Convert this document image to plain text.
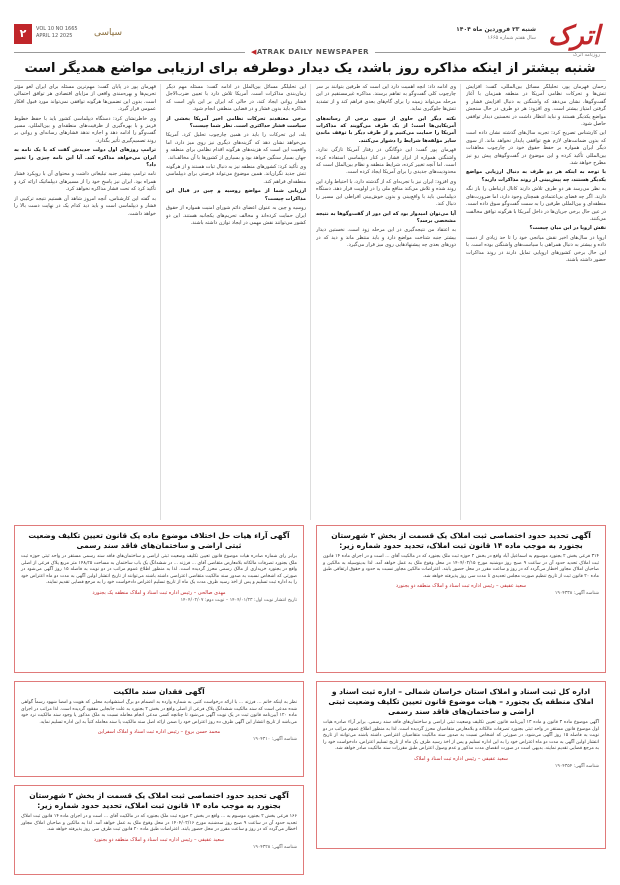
اترک
روزنامه اترک
شنبه ۲۳ فروردین ماه ۱۴۰۴
سال هفتم شماره ۱۶۶۵
۲	VOL 10 NO 1665
APRIL 12 2025	سیاسی
◀ATRAK DAILY NEWSPAPER
شنبه بیشتر از اینکه مذاکره روز باشد، یک دیدار دوطرفه برای ارزیابی مواضع همدیگر است

رحمان قهرمان پور، تحلیلگر مسائل بین‌المللی، گفت: افزایش تنش‌ها و تحرکات نظامی آمریکا در منطقه همزمان با آغاز گفت‌وگوها، نشان می‌دهد که واشنگتن به دنبال افزایش فشار و گرفتن امتیاز بیشتر است. وی افزود: هر دو طرف در حال سنجش مواضع یکدیگر هستند و نباید انتظار داشت در نخستین دیدار توافقی حاصل شود.

این کارشناس تصریح کرد: تجربه سال‌های گذشته نشان داده است که بدون ضمانت‌های لازم هیچ توافقی پایدار نخواهد ماند. از سوی دیگر ایران همواره بر حفظ حقوق خود در چارچوب معاهدات بین‌المللی تأکید کرده و این موضوع در گفت‌وگوهای پیش رو نیز مطرح خواهد شد.

با توجه به اینکه هر دو طرف به دنبال ارزیابی مواضع یکدیگر هستند، چه پیش‌بینی از روند مذاکرات دارید؟

به نظر می‌رسد هر دو طرف تلاش دارند کانال ارتباطی را باز نگه دارند. اگر چه فضای بی‌اعتمادی همچنان وجود دارد، اما ضرورت‌های منطقه‌ای و بین‌المللی طرفین را به سمت گفت‌وگو سوق داده است. در عین حال برخی جریان‌ها در داخل آمریکا با هرگونه توافق مخالفت می‌کنند.

نقش اروپا در این میان چیست؟

اروپا در سال‌های اخیر نقش میانجی خود را تا حد زیادی از دست داده و بیشتر به دنبال همراهی با سیاست‌های واشنگتن بوده است. با این حال برخی کشورهای اروپایی تمایل دارند در روند مذاکرات حضور داشته باشند.

وی ادامه داد: آنچه اهمیت دارد این است که طرفین بتوانند بر سر چارچوب کلی گفت‌وگو به تفاهم برسند. مذاکره غیرمستقیم در این مرحله می‌تواند زمینه را برای گام‌های بعدی فراهم کند و از تشدید تنش‌ها جلوگیری نماید.

نکته دیگر این حاوی از سوی برخی از رسانه‌های آمریکایی‌ها است؛ از یک طرف می‌گویند که مذاکرات آمریکا را حمایت می‌کنیم و از طرف دیگر با توقف ماندن سایر مؤلفه‌ها شرایط را دشوار می‌کنند.

قهرمان پور گفت: این دوگانگی در رفتار آمریکا تازگی ندارد. واشنگتن همواره از ابزار فشار در کنار دیپلماسی استفاده کرده است. اما آنچه تغییر کرده، شرایط منطقه و نظام بین‌الملل است که محدودیت‌های جدیدی را برای آمریکا ایجاد کرده است.

وی افزود: ایران نیز با تجربه‌ای که از گذشته دارد، با احتیاط وارد این روند شده و تلاش می‌کند منافع ملی را در اولویت قرار دهد. دستگاه دیپلماسی باید با واقع‌بینی و بدون خوش‌بینی افراطی این مسیر را دنبال کند.

آیا می‌توان امیدوار بود که این دور از گفت‌وگوها به نتیجه مشخصی برسد؟

به اعتقاد من نتیجه‌گیری در این مرحله زود است. نخستین دیدار بیشتر جنبه شناخت مواضع دارد و باید منتظر ماند و دید که در دورهای بعدی چه پیشنهادهایی روی میز قرار می‌گیرد.

این تحلیلگر مسائل بین‌الملل در ادامه گفت: مسئله مهم دیگر زمان‌بندی مذاکرات است. آمریکا تلاش دارد با تعیین ضرب‌الاجل فشار روانی ایجاد کند، در حالی که ایران بر این باور است که مذاکره باید بدون فشار و در فضایی منطقی انجام شود.

برخی معتقدند تحرکات نظامی اخیر آمریکا بخشی از سیاست فشار حداکثری است. نظر شما چیست؟

بله، این تحرکات را باید در همین چارچوب تحلیل کرد. آمریکا می‌خواهد نشان دهد که گزینه‌های دیگری نیز روی میز دارد، اما واقعیت این است که هزینه‌های هرگونه اقدام نظامی برای منطقه و جهان بسیار سنگین خواهد بود و بسیاری از کشورها با آن مخالف‌اند.

وی تأکید کرد: کشورهای منطقه نیز به دنبال ثبات هستند و از هرگونه تنش جدید نگران‌اند. همین موضوع می‌تواند فرصتی برای دیپلماسی منطقه‌ای فراهم کند.

ارزیابی شما از مواضع روسیه و چین در قبال این مذاکرات چیست؟

روسیه و چین به عنوان اعضای دائم شورای امنیت همواره از حقوق ایران حمایت کرده‌اند و مخالف تحریم‌های یکجانبه هستند. این دو کشور می‌توانند نقش مهمی در ایجاد توازن داشته باشند.

قهرمان پور در پایان گفت: مهم‌ترین مسئله برای ایران لغو مؤثر تحریم‌ها و بهره‌مندی واقعی از مزایای اقتصادی هر توافق احتمالی است. بدون این تضمین‌ها هرگونه توافقی نمی‌تواند مورد قبول افکار عمومی قرار گیرد.

وی خاطرنشان کرد: دستگاه دیپلماسی کشور باید با حفظ خطوط قرمز و با بهره‌گیری از ظرفیت‌های منطقه‌ای و بین‌المللی، مسیر گفت‌وگو را ادامه دهد و اجازه ندهد فشارهای رسانه‌ای و روانی بر روند تصمیم‌گیری تأثیر بگذارد.

ترامپ روزهای اول دولت جدیدش گفت که با یک نامه به ایران می‌خواهد مذاکره کند. آیا این نامه چیزی را تغییر داد؟

نامه ترامپ بیشتر جنبه تبلیغاتی داشت و محتوای آن با رویکرد فشار همراه بود. ایران نیز پاسخ خود را از مسیرهای دیپلماتیک ارائه کرد و تأکید کرد که تحت فشار مذاکره نخواهد کرد.

به گفته این کارشناس، آنچه امروز شاهد آن هستیم نتیجه ترکیبی از فشار و دیپلماسی است و باید دید کدام یک در نهایت دست بالا را خواهد داشت.

آگهی تحدید حدود اختصاصی ثبت املاک یک قسمت از بخش ۲ شهرستان بجنورد به موجب ماده ۱۴ قانون ثبت املاک، تحدید حدود شماره زیر:
۳۱۴ فرعی بخش ۲ بجنورد موسوم به اسماعیل آباد واقع در بخش ۲ حوزه ثبت ملک بجنورد که در مالکیت آقای ... است و در اجرای ماده ۱۴ قانون ثبت املاک تحدید حدود آن در ساعت ۹ صبح روز دوشنبه مورخ ۱۴۰۴/۰۲/۱۵ در محل وقوع ملک به عمل خواهد آمد. لذا بدینوسیله به مالکین و صاحبان املاک مجاور اخطار می‌گردد که در روز و ساعت مقرر در محل حضور یابند. اعتراضات مالکین مجاور نسبت به حدود و حقوق ارتفاقی طبق ماده ۲۰ قانون ثبت از تاریخ تنظیم صورت مجلس تحدیدی تا مدت سی روز پذیرفته خواهد شد.
سعید عقیقی – رئیس اداره ثبت اسناد و املاک منطقه دو بجنورد
شناسه آگهی: ۱۹۰۴۳۳۸
آگهی آراء هیات حل اختلاف موضوع ماده یک قانون تعیین تکلیف وضعیت ثبتی اراضی و ساختمان‌های فاقد سند رسمی
برابر رای شماره صادره هیات موضوع قانون تعیین تکلیف وضعیت ثبتی اراضی و ساختمان‌های فاقد سند رسمی مستقر در واحد ثبتی حوزه ثبت ملک بجنورد تصرفات مالکانه بلامعارض متقاضی آقای ... فرزند ... در ششدانگ یک باب ساختمان به مساحت ۱۴۸٫۲۵ متر مربع پلاک فرعی از اصلی واقع در بجنورد خریداری از مالک رسمی محرز گردیده است. لذا به منظور اطلاع عموم مراتب در دو نوبت به فاصله ۱۵ روز آگهی می‌شود در صورتی که اشخاص نسبت به صدور سند مالکیت متقاضی اعتراضی داشته باشند می‌توانند از تاریخ انتشار اولین آگهی به مدت دو ماه اعتراض خود را به اداره ثبت تسلیم و پس از اخذ رسید ظرف مدت یک ماه از تاریخ تسلیم اعتراض دادخواست خود را به مرجع قضایی تقدیم نمایند.
مهدی صالحی – رئیس اداره ثبت اسناد و املاک منطقه یک بجنورد
تاریخ انتشار نوبت اول: ۱۴۰۴/۰۱/۲۳ – نوبت دوم: ۱۴۰۴/۰۲/۰۷
اداره کل ثبت اسناد و املاک استان خراسان شمالی – اداره ثبت اسناد و املاک منطقه یک بجنورد – هیات موضوع قانون تعیین تکلیف وضعیت ثبتی اراضی و ساختمان‌های فاقد سند رسمی
آگهی موضوع ماده ۳ قانون و ماده ۱۳ آیین‌نامه قانون تعیین تکلیف وضعیت ثبتی اراضی و ساختمان‌های فاقد سند رسمی. برابر آراء صادره هیات اول موضوع قانون مستقر در واحد ثبتی بجنورد تصرفات مالکانه و بلامعارض متقاضیان محرز گردیده است. لذا به منظور اطلاع عموم مراتب در دو نوبت به فاصله ۱۵ روز آگهی می‌شود. در صورتی که اشخاص نسبت به صدور سند مالکیت متقاضیان اعتراضی داشته باشند می‌توانند از تاریخ انتشار اولین آگهی به مدت دو ماه اعتراض خود را به این اداره تسلیم و پس از اخذ رسید ظرف یک ماه از تاریخ تسلیم اعتراض، دادخواست خود را به مرجع قضایی تقدیم نمایند. بدیهی است در صورت انقضای مدت مذکور و عدم وصول اعتراض طبق مقررات سند مالکیت صادر خواهد شد.
سعید عقیقی – رئیس اداره ثبت اسناد و املاک
شناسه آگهی: ۱۹۰۴۳۵۴
آگهی فقدان سند مالکیت
نظر به اینکه خانم ... فرزند ... با ارائه درخواست کتبی به شماره وارده به انضمام دو برگ استشهادیه محلی که هویت و امضا شهود رسماً گواهی شده مدعی است که سند مالکیت ششدانگ پلاک فرعی از اصلی واقع در بخش ۲ بجنورد به علت جابجایی مفقود گردیده است. لذا مراتب در اجرای ماده ۱۲۰ آیین‌نامه قانون ثبت در یک نوبت آگهی می‌شود تا چنانچه کسی مدعی انجام معامله نسبت به ملک مذکور یا وجود سند مالکیت نزد خود می‌باشد از تاریخ انتشار این آگهی ظرف ده روز اعتراض خود را ضمن ارائه اصل سند مالکیت یا سند معامله کتباً به این اداره تسلیم نماید.
محمد حسن بروغ – رئیس اداره ثبت اسناد و املاک اسفراین
شناسه آگهی: ۱۹۰۴۳۱۰
آگهی تحدید حدود اختصاصی ثبت املاک یک قسمت از بخش ۲ شهرستان بجنورد به موجب ماده ۱۴ قانون ثبت املاک، تحدید حدود شماره زیر:
۱۶۶ فرعی بخش ۲ بجنورد موسوم به ... واقع در بخش ۲ حوزه ثبت ملک بجنورد که در مالکیت آقای ... است و در اجرای ماده ۱۴ قانون ثبت املاک تحدید حدود آن در ساعت ۹ صبح روز سه‌شنبه مورخ ۱۴۰۴/۰۲/۱۶ در محل وقوع ملک به عمل خواهد آمد. لذا به مالکین و صاحبان املاک مجاور اخطار می‌گردد که در روز و ساعت مقرر در محل حضور یابند. اعتراضات طبق ماده ۲۰ قانون ثبت ظرف سی روز پذیرفته خواهد شد.
سعید عقیقی – رئیس اداره ثبت اسناد و املاک منطقه دو بجنورد
شناسه آگهی: ۱۹۰۴۳۲۸
